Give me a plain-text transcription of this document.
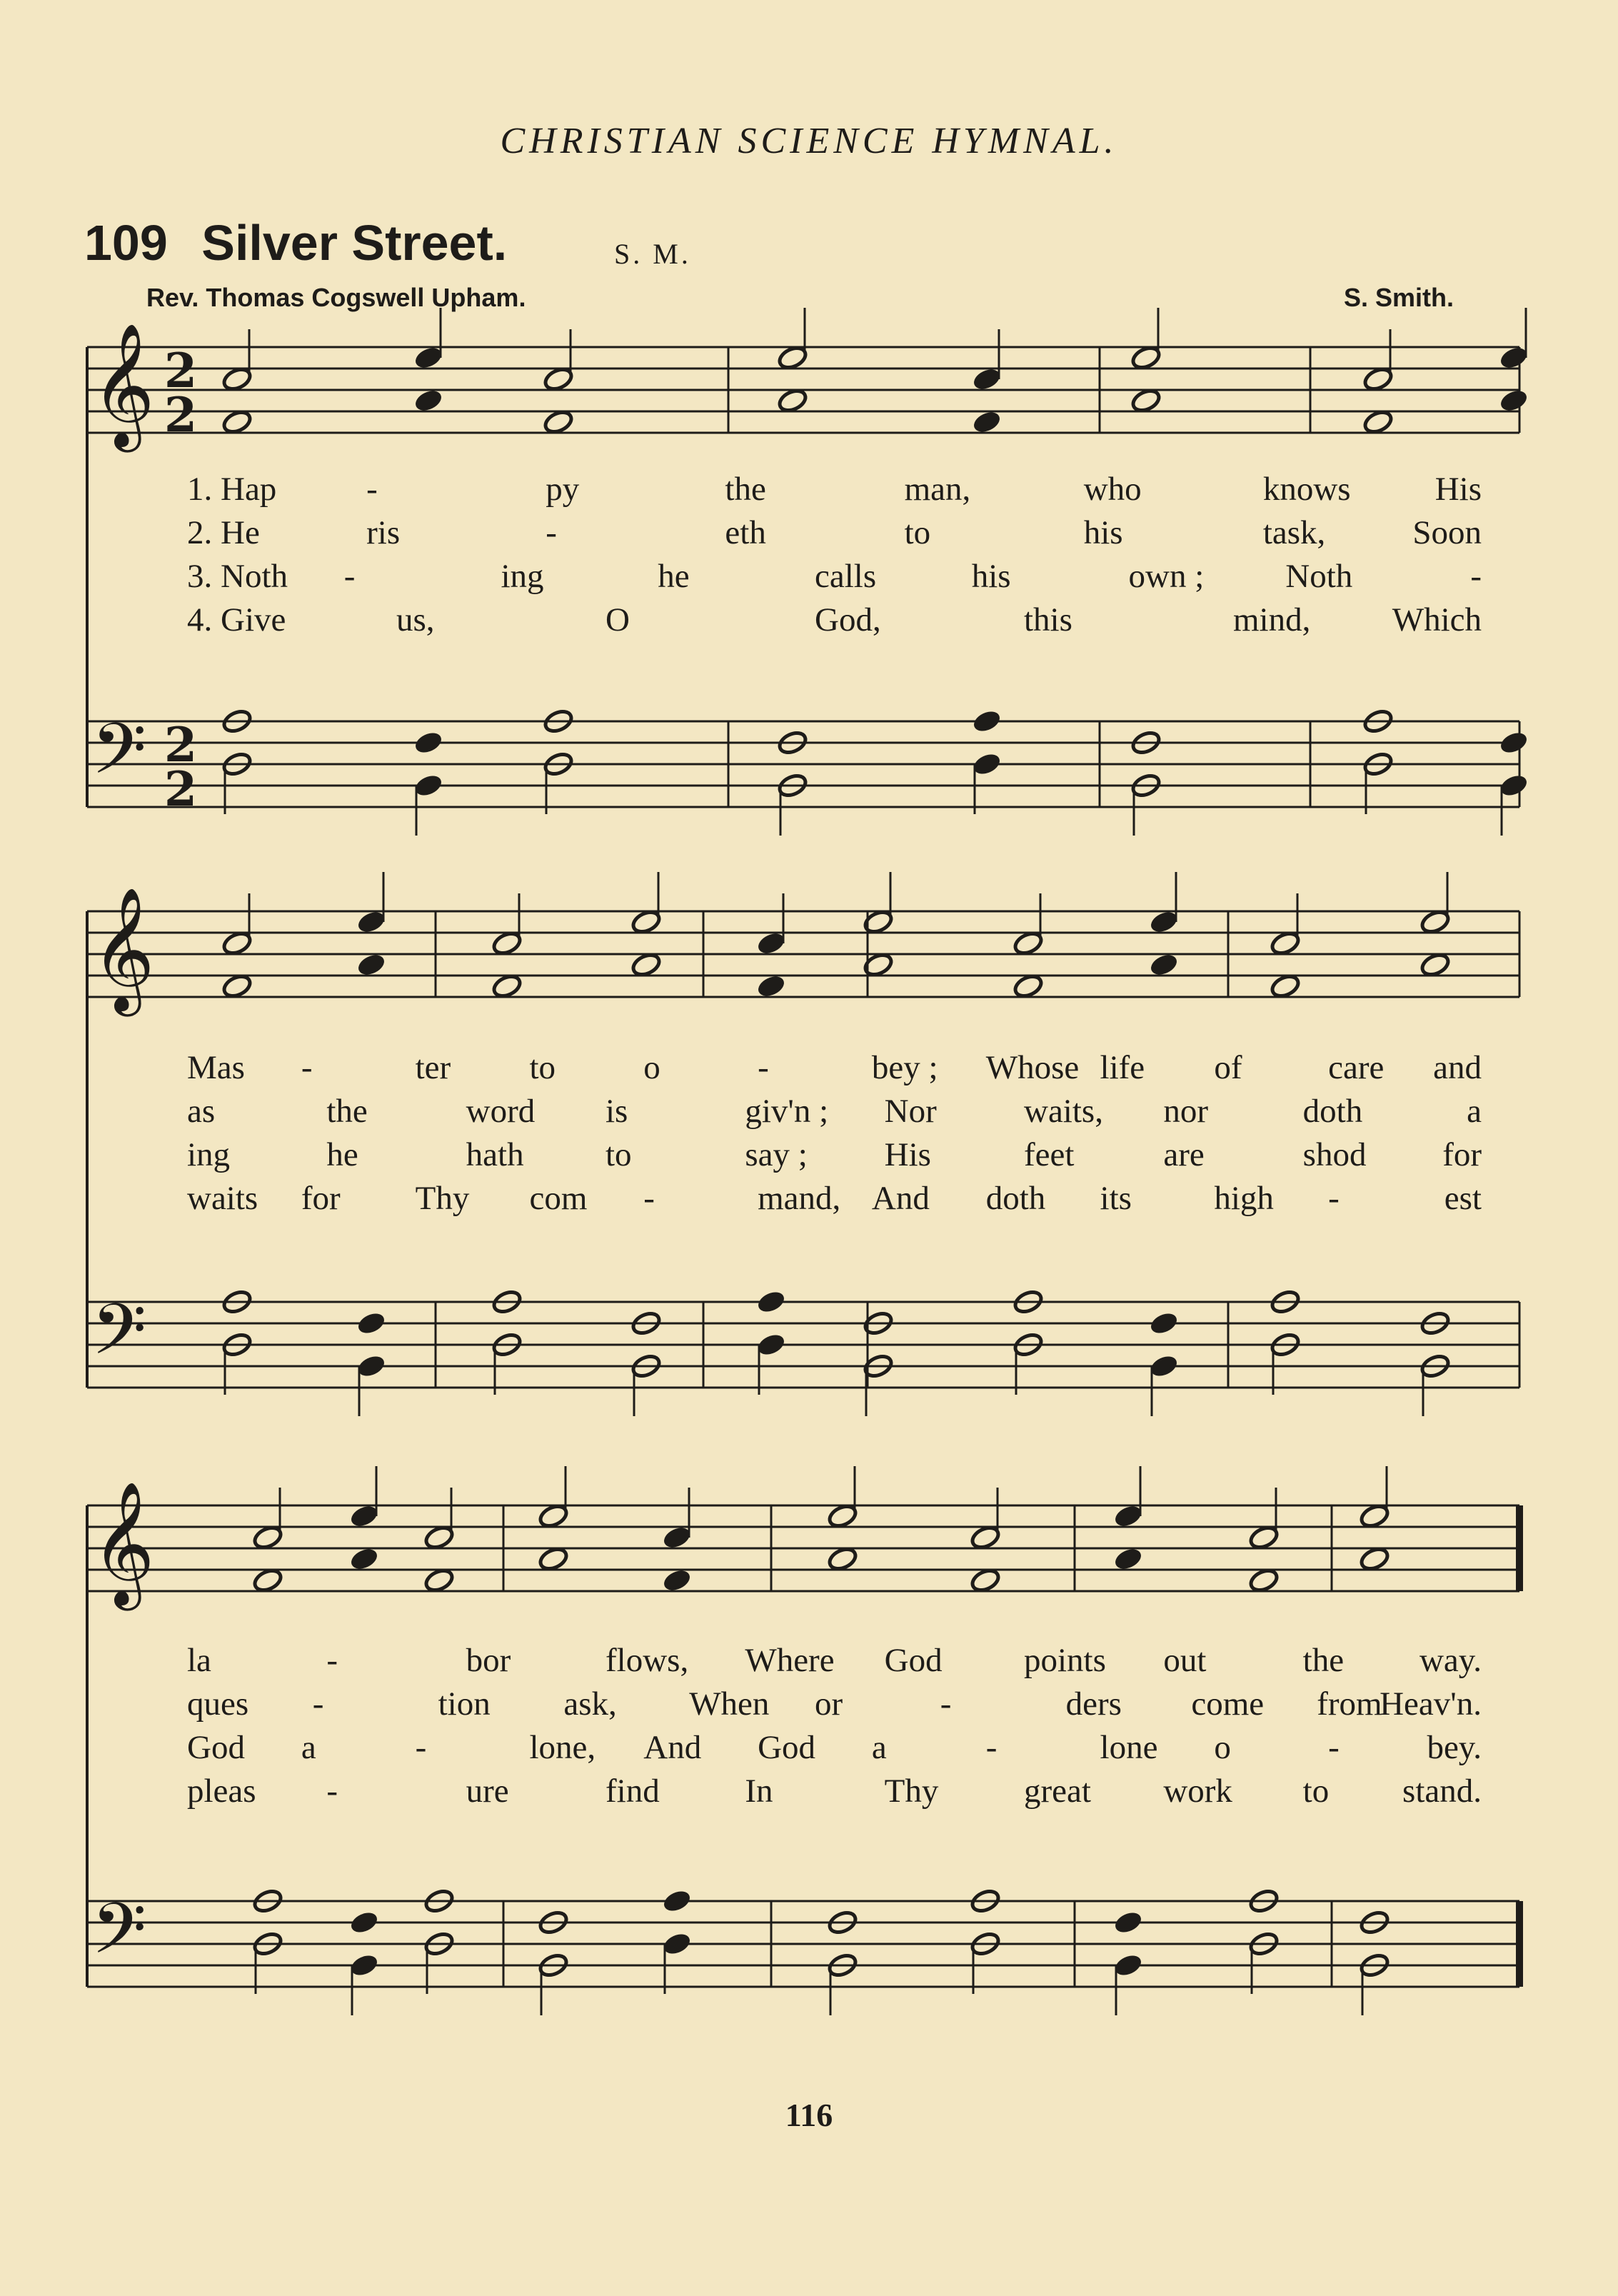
CHRISTIAN SCIENCE HYMNAL.
109 Silver Street.	S. M.
Rev. Thomas Cogswell Upham.	S. Smith.
𝄞
𝄢
2
2
2
2
𝄞
𝄢
𝄞
𝄢
1. Hap	-	py	the	man,	who	knows	His
2. He	ris	-	eth	to	his	task,	Soon
3. Noth -	ing	he	calls	his	own ; Noth	-
4. Give	us,	O	God,	this	mind, Which
Mas -	ter to	o	-	bey ; Whose life of	care and
as	the	word is	giv'n ; Nor	waits, nor	doth	a
ing	he	hath to	say ; His	feet	are	shod for
waits for Thy com -	mand, And doth its high -	est
la	-	bor	flows, Where God points out	the way.
ques -	tion ask, When or	-	ders come from
Heav'n.
God a	-	lone, And God a	-	lone o	-	bey.
pleas -	ure	find	In	Thy	great work to stand.
116
